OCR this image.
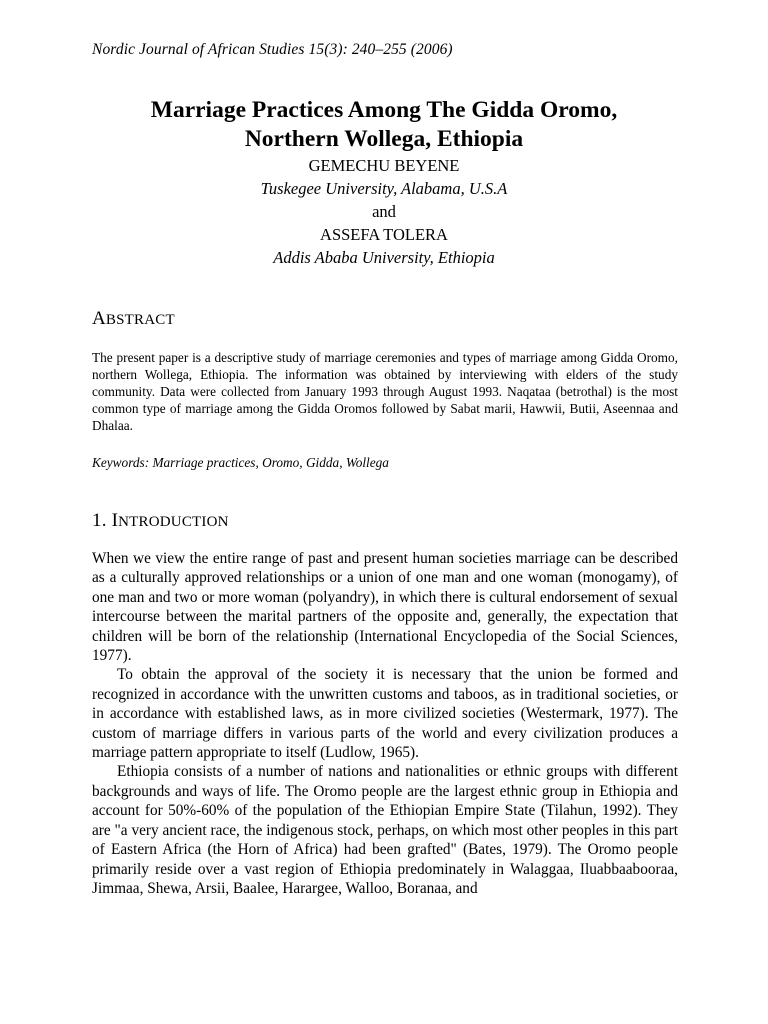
Nordic Journal of African Studies 15(3): 240–255 (2006)
Marriage Practices Among The Gidda Oromo,
Northern Wollega, Ethiopia
GEMECHU BEYENE
Tuskegee University, Alabama, U.S.A
and
ASSEFA TOLERA
Addis Ababa University, Ethiopia
ABSTRACT
The present paper is a descriptive study of marriage ceremonies and types of marriage among Gidda Oromo, northern Wollega, Ethiopia. The information was obtained by interviewing with elders of the study community. Data were collected from January 1993 through August 1993. Naqataa (betrothal) is the most common type of marriage among the Gidda Oromos followed by Sabat marii, Hawwii, Butii, Aseennaa and Dhalaa.
Keywords: Marriage practices, Oromo, Gidda, Wollega
1. INTRODUCTION

When we view the entire range of past and present human societies marriage can be described as a culturally approved relationships or a union of one man and one woman (monogamy), of one man and two or more woman (polyandry), in which there is cultural endorsement of sexual intercourse between the marital partners of the opposite and, generally, the expectation that children will be born of the relationship (International Encyclopedia of the Social Sciences, 1977).

To obtain the approval of the society it is necessary that the union be formed and recognized in accordance with the unwritten customs and taboos, as in traditional societies, or in accordance with established laws, as in more civilized societies (Westermark, 1977). The custom of marriage differs in various parts of the world and every civilization produces a marriage pattern appropriate to itself (Ludlow, 1965).

Ethiopia consists of a number of nations and nationalities or ethnic groups with different backgrounds and ways of life. The Oromo people are the largest ethnic group in Ethiopia and account for 50%-60% of the population of the Ethiopian Empire State (Tilahun, 1992). They are "a very ancient race, the indigenous stock, perhaps, on which most other peoples in this part of Eastern Africa (the Horn of Africa) had been grafted" (Bates, 1979). The Oromo people primarily reside over a vast region of Ethiopia predominately in Walaggaa, Iluabbaabooraa, Jimmaa, Shewa, Arsii, Baalee, Harargee, Walloo, Boranaa, and
